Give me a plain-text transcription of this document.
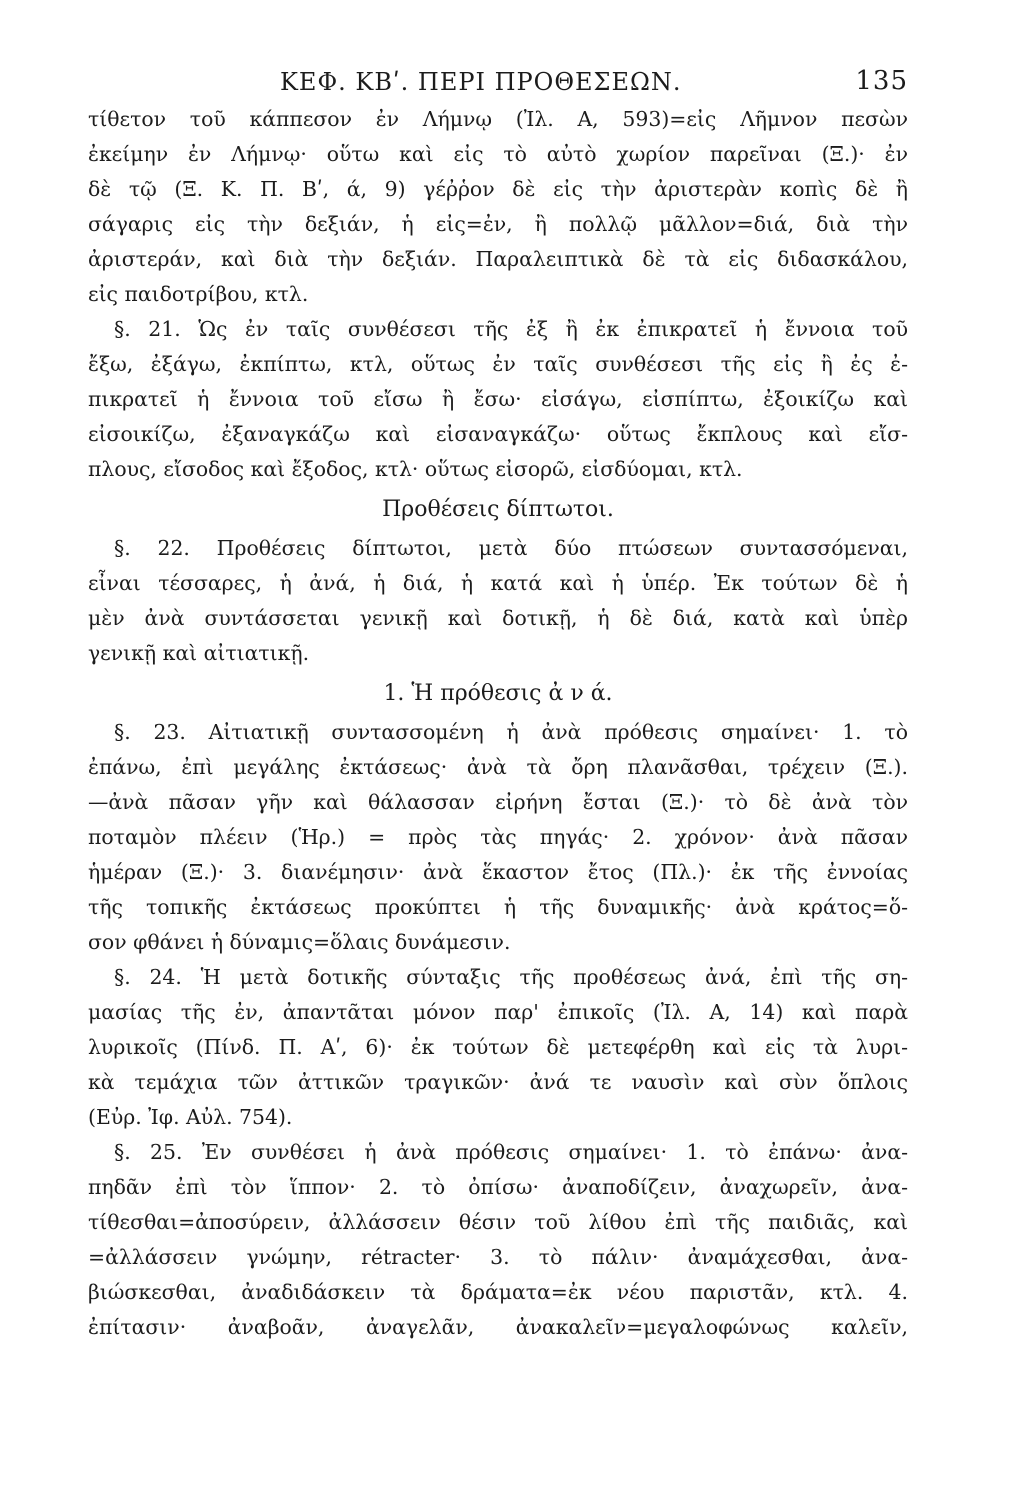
ΚΕΦ. ΚΒʹ. ΠΕΡΙ ΠΡΟΘΕΣΕΩΝ.	135

τίθετον τοῦ κάππεσον ἐν Λήμνῳ (Ἰλ. Α, 593)=εἰς Λῆμνον πεσὼν
ἐκείμην ἐν Λήμνῳ· οὕτω καὶ εἰς τὸ αὐτὸ χωρίον παρεῖναι (Ξ.)· ἐν
δὲ τῷ (Ξ. Κ. Π. Βʹ, ά, 9) γέῤῥον δὲ εἰς τὴν ἀριστερὰν κοπὶς δὲ ἢ
σάγαρις εἰς τὴν δεξιάν, ἡ εἰς=ἐν, ἢ πολλῷ μᾶλλον=διά, διὰ τὴν
ἀριστεράν, καὶ διὰ τὴν δεξιάν. Παραλειπτικὰ δὲ τὰ εἰς διδασκάλου,
εἰς παιδοτρίβου, κτλ.

§. 21. Ὡς ἐν ταῖς συνθέσεσι τῆς ἐξ ἢ ἐκ ἐπικρατεῖ ἡ ἔννοια τοῦ
ἔξω, ἐξάγω, ἐκπίπτω, κτλ, οὕτως ἐν ταῖς συνθέσεσι τῆς εἰς ἢ ἐς ἐ-
πικρατεῖ ἡ ἔννοια τοῦ εἴσω ἢ ἔσω· εἰσάγω, εἰσπίπτω, ἐξοικίζω καὶ
εἰσοικίζω, ἐξαναγκάζω καὶ εἰσαναγκάζω· οὕτως ἔκπλους καὶ εἴσ-
πλους, εἴσοδος καὶ ἔξοδος, κτλ· οὕτως εἰσορῶ, εἰσδύομαι, κτλ.

Προθέσεις δίπτωτοι.

§. 22. Προθέσεις δίπτωτοι, μετὰ δύο πτώσεων συντασσόμεναι,
εἶναι τέσσαρες, ἡ ἀνά, ἡ διά, ἡ κατά καὶ ἡ ὑπέρ. Ἐκ τούτων δὲ ἡ
μὲν ἀνὰ συντάσσεται γενικῇ καὶ δοτικῇ, ἡ δὲ διά, κατὰ καὶ ὑπὲρ
γενικῇ καὶ αἰτιατικῇ.

1. Ἡ πρόθεσις ἀ ν ά.

§. 23. Αἰτιατικῇ συντασσομένη ἡ ἀνὰ πρόθεσις σημαίνει· 1. τὸ
ἐπάνω, ἐπὶ μεγάλης ἐκτάσεως· ἀνὰ τὰ ὄρη πλανᾶσθαι, τρέχειν (Ξ.).
—ἀνὰ πᾶσαν γῆν καὶ θάλασσαν εἰρήνη ἔσται (Ξ.)· τὸ δὲ ἀνὰ τὸν
ποταμὸν πλέειν (Ἡρ.) = πρὸς τὰς πηγάς· 2. χρόνον· ἀνὰ πᾶσαν
ἡμέραν (Ξ.)· 3. διανέμησιν· ἀνὰ ἕκαστον ἔτος (Πλ.)· ἐκ τῆς ἐννοίας
τῆς τοπικῆς ἐκτάσεως προκύπτει ἡ τῆς δυναμικῆς· ἀνὰ κράτος=ὅ-
σον φθάνει ἡ δύναμις=ὅλαις δυνάμεσιν.

§. 24. Ἡ μετὰ δοτικῆς σύνταξις τῆς προθέσεως ἀνά, ἐπὶ τῆς ση-
μασίας τῆς ἐν, ἀπαντᾶται μόνον παρ' ἐπικοῖς (Ἰλ. Α, 14) καὶ παρὰ
λυρικοῖς (Πίνδ. Π. Αʹ, 6)· ἐκ τούτων δὲ μετεφέρθη καὶ εἰς τὰ λυρι-
κὰ τεμάχια τῶν ἀττικῶν τραγικῶν· ἀνά τε ναυσὶν καὶ σὺν ὅπλοις
(Εὐρ. Ἰφ. Αὐλ. 754).

§. 25. Ἐν συνθέσει ἡ ἀνὰ πρόθεσις σημαίνει· 1. τὸ ἐπάνω· ἀνα-
πηδᾶν ἐπὶ τὸν ἵππον· 2. τὸ ὀπίσω· ἀναποδίζειν, ἀναχωρεῖν, ἀνα-
τίθεσθαι=ἀποσύρειν, ἀλλάσσειν θέσιν τοῦ λίθου ἐπὶ τῆς παιδιᾶς, καὶ
=ἀλλάσσειν γνώμην, rétracter· 3. τὸ πάλιν· ἀναμάχεσθαι, ἀνα-
βιώσκεσθαι, ἀναδιδάσκειν τὰ δράματα=ἐκ νέου παριστᾶν, κτλ. 4.
ἐπίτασιν· ἀναβοᾶν, ἀναγελᾶν, ἀνακαλεῖν=μεγαλοφώνως καλεῖν,
